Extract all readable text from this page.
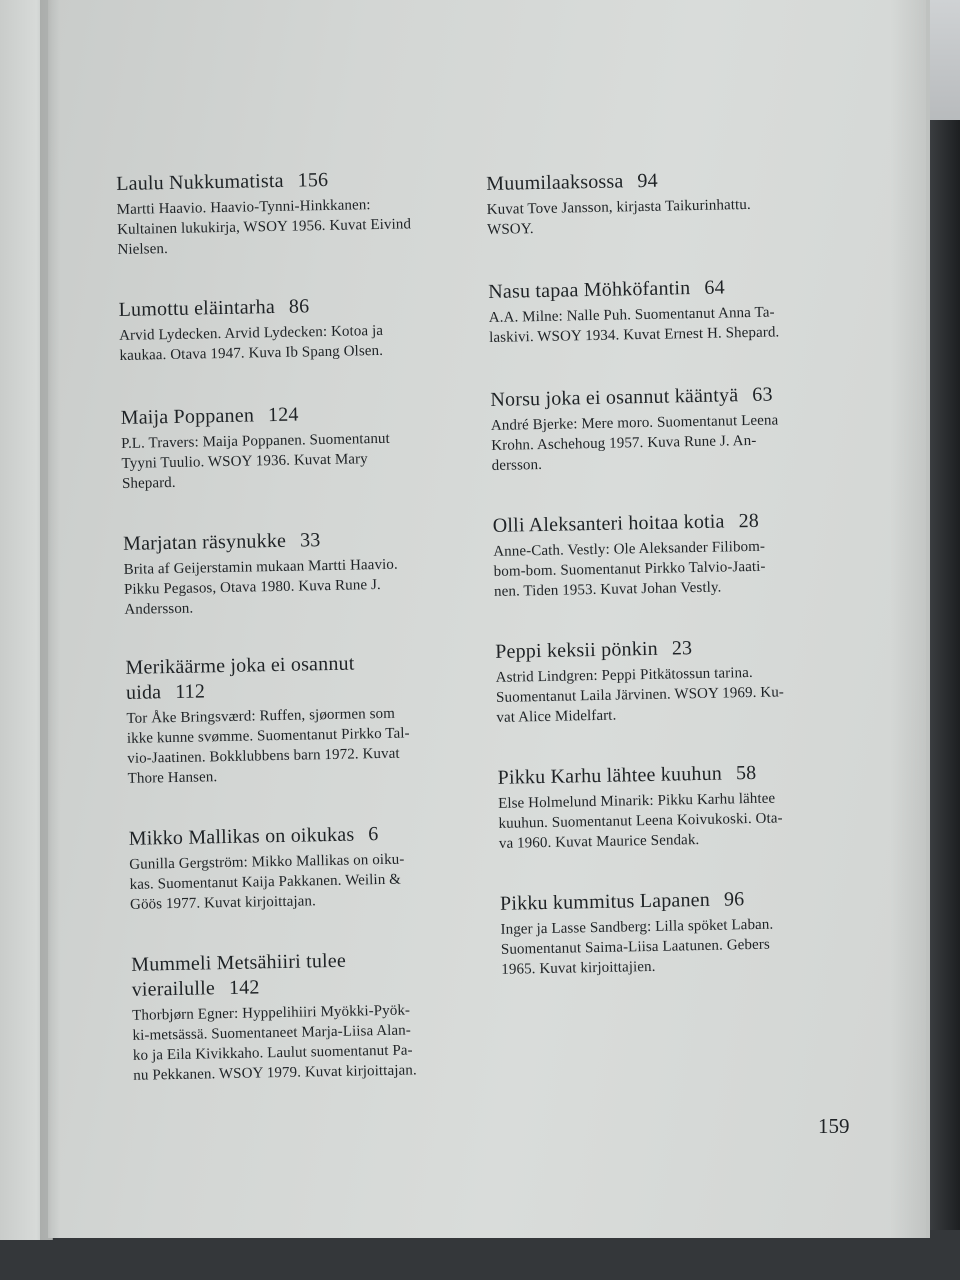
Laulu Nukkumatista 156
Martti Haavio. Haavio-Tynni-Hinkkanen:
Kultainen lukukirja, WSOY 1956. Kuvat Eivind
Nielsen.
Lumottu eläintarha 86
Arvid Lydecken. Arvid Lydecken: Kotoa ja
kaukaa. Otava 1947. Kuva Ib Spang Olsen.
Maija Poppanen 124
P.L. Travers: Maija Poppanen. Suomentanut
Tyyni Tuulio. WSOY 1936. Kuvat Mary
Shepard.
Marjatan räsynukke 33
Brita af Geijerstamin mukaan Martti Haavio.
Pikku Pegasos, Otava 1980. Kuva Rune J.
Andersson.
Merikäärme joka ei osannut
uida 112
Tor Åke Bringsværd: Ruffen, sjøormen som
ikke kunne svømme. Suomentanut Pirkko Tal-
vio-Jaatinen. Bokklubbens barn 1972. Kuvat
Thore Hansen.
Mikko Mallikas on oikukas 6
Gunilla Gergström: Mikko Mallikas on oiku-
kas. Suomentanut Kaija Pakkanen. Weilin &
Göös 1977. Kuvat kirjoittajan.
Mummeli Metsähiiri tulee
vierailulle 142
Thorbjørn Egner: Hyppelihiiri Myökki-Pyök-
ki-metsässä. Suomentaneet Marja-Liisa Alan-
ko ja Eila Kivikkaho. Laulut suomentanut Pa-
nu Pekkanen. WSOY 1979. Kuvat kirjoittajan.
Muumilaaksossa 94
Kuvat Tove Jansson, kirjasta Taikurinhattu.
WSOY.
Nasu tapaa Möhköfantin 64
A.A. Milne: Nalle Puh. Suomentanut Anna Ta-
laskivi. WSOY 1934. Kuvat Ernest H. Shepard.
Norsu joka ei osannut kääntyä 63
André Bjerke: Mere moro. Suomentanut Leena
Krohn. Aschehoug 1957. Kuva Rune J. An-
dersson.
Olli Aleksanteri hoitaa kotia 28
Anne-Cath. Vestly: Ole Aleksander Filibom-
bom-bom. Suomentanut Pirkko Talvio-Jaati-
nen. Tiden 1953. Kuvat Johan Vestly.
Peppi keksii pönkin 23
Astrid Lindgren: Peppi Pitkätossun tarina.
Suomentanut Laila Järvinen. WSOY 1969. Ku-
vat Alice Midelfart.
Pikku Karhu lähtee kuuhun 58
Else Holmelund Minarik: Pikku Karhu lähtee
kuuhun. Suomentanut Leena Koivukoski. Ota-
va 1960. Kuvat Maurice Sendak.
Pikku kummitus Lapanen 96
Inger ja Lasse Sandberg: Lilla spöket Laban.
Suomentanut Saima-Liisa Laatunen. Gebers
1965. Kuvat kirjoittajien.
159
